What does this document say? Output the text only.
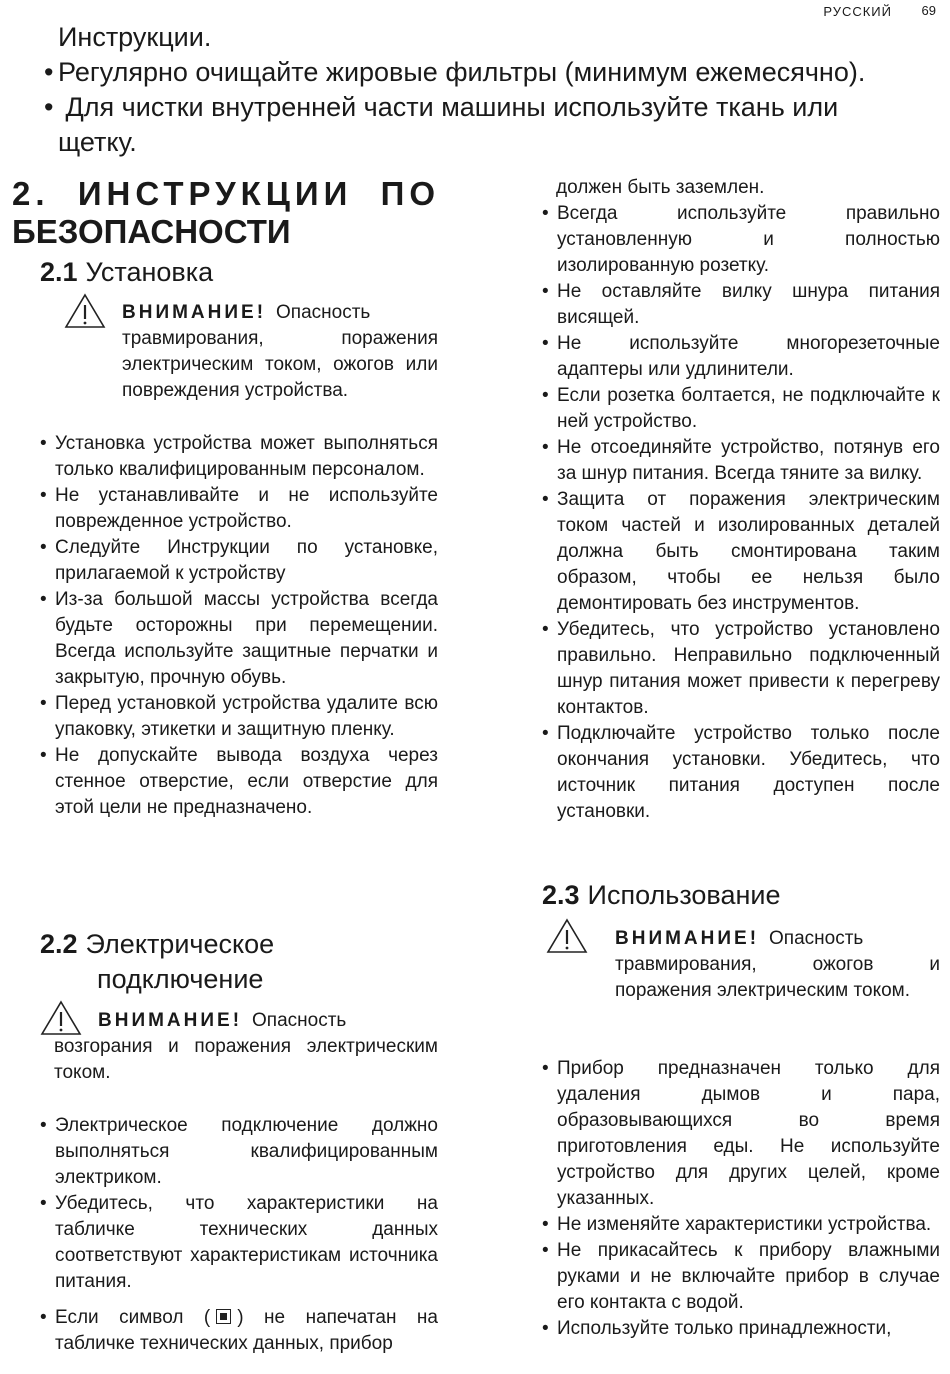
РУССКИЙ 69

Инструкции.

• Регулярно очищайте жировые фильтры (минимум ежемесячно).

• Для чистки внутренней части машины используйте ткань или

щетку.

2. ИНСТРУКЦИИ ПО
БЕЗОПАСНОСТИ
2.1 Установка
ВНИМАНИЕ! Опасность травмирования, поражения электрическим током, ожогов или повреждения устройства.
• Установка устройства может выполняться только квалифицированным персоналом.
• Не устанавливайте и не используйте поврежденное устройство.
• Следуйте Инструкции по установке, прилагаемой к устройству
• Из-за большой массы устройства всегда будьте осторожны при перемещении. Всегда используйте защитные перчатки и закрытую, прочную обувь.
• Перед установкой устройства удалите всю упаковку, этикетки и защитную пленку.
• Не допускайте вывода воздуха через стенное отверстие, если отверстие для этой цели не предназначено.
2.2 Электрическое
подключение
ВНИМАНИЕ! Опасность возгорания и поражения электрическим током.
• Электрическое подключение должно выполняться квалифицированным электриком.
• Убедитесь, что характеристики на табличке технических данных соответствуют характеристикам источника питания.
• Если символ ( ) не напечатан на табличке технических данных, прибор
должен быть заземлен.
• Всегда используйте правильно установленную и полностью изолированную розетку.
• Не оставляйте вилку шнура питания висящей.
• Не используйте многорезеточные адаптеры или удлинители.
• Если розетка болтается, не подключайте к ней устройство.
• Не отсоединяйте устройство, потянув его за шнур питания. Всегда тяните за вилку.
• Защита от поражения электрическим током частей и изолированных деталей должна быть смонтирована таким образом, чтобы ее нельзя было демонтировать без инструментов.
• Убедитесь, что устройство установлено правильно. Неправильно подключенный шнур питания может привести к перегреву контактов.
• Подключайте устройство только после окончания установки. Убедитесь, что источник питания доступен после установки.
2.3 Использование
ВНИМАНИЕ! Опасность травмирования, ожогов и поражения электрическим током.
• Прибор предназначен только для удаления дымов и пара, образовывающихся во время приготовления еды. Не используйте устройство для других целей, кроме указанных.
• Не изменяйте характеристики устройства.
• Не прикасайтесь к прибору влажными руками и не включайте прибор в случае его контакта с водой.
• Используйте только принадлежности,
